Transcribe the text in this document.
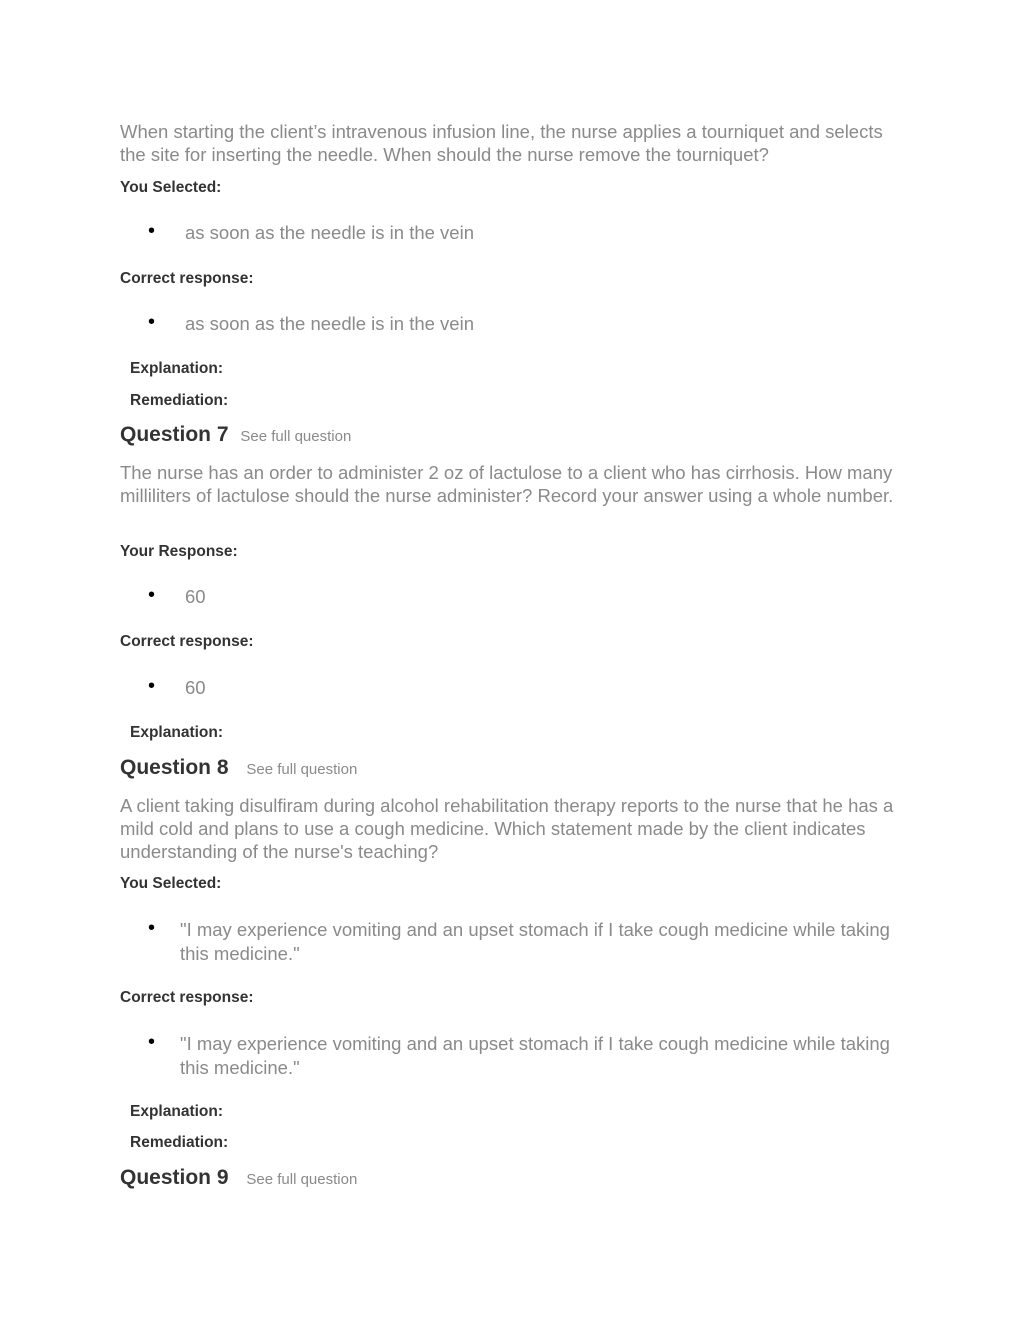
When starting the client’s intravenous infusion line, the nurse applies a tourniquet and selects the site for inserting the needle. When should the nurse remove the tourniquet?
You Selected:
• as soon as the needle is in the vein
Correct response:
• as soon as the needle is in the vein
Explanation:
Remediation:
Question 7 See full question
The nurse has an order to administer 2 oz of lactulose to a client who has cirrhosis. How many milliliters of lactulose should the nurse administer? Record your answer using a whole number.
Your Response:
• 60
Correct response:
• 60
Explanation:
Question 8 See full question
A client taking disulfiram during alcohol rehabilitation therapy reports to the nurse that he has a mild cold and plans to use a cough medicine. Which statement made by the client indicates understanding of the nurse's teaching?
You Selected:
• "I may experience vomiting and an upset stomach if I take cough medicine while taking this medicine."
Correct response:
• "I may experience vomiting and an upset stomach if I take cough medicine while taking this medicine."
Explanation:
Remediation:
Question 9 See full question
